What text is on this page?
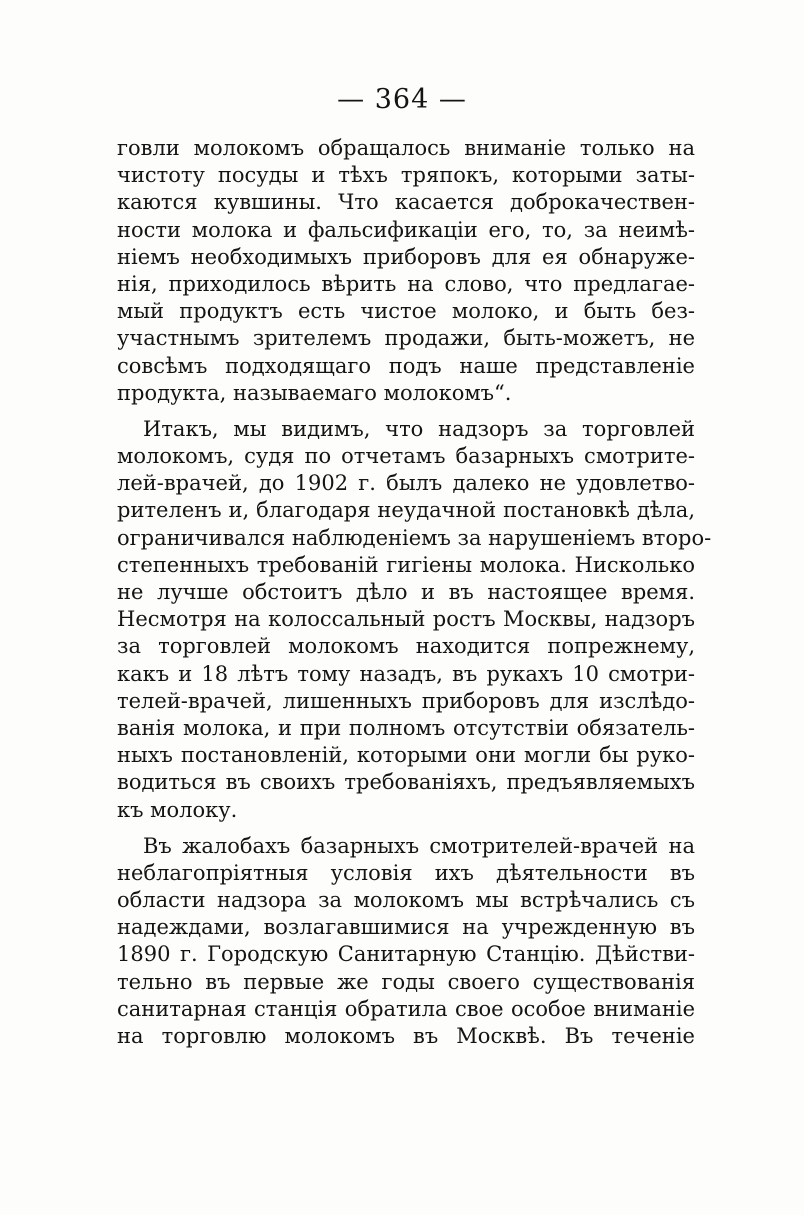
— 364 —
говли молокомъ обращалось вниманіе только на
чистоту посуды и тѣхъ тряпокъ, которыми заты-
каются кувшины. Что касается доброкачествен-
ности молока и фальсификаціи его, то, за неимѣ-
ніемъ необходимыхъ приборовъ для ея обнаруже-
нія, приходилось вѣрить на слово, что предлагае-
мый продуктъ есть чистое молоко, и быть без-
участнымъ зрителемъ продажи, быть-можетъ, не
совсѣмъ подходящаго подъ наше представленіе
продукта, называемаго молокомъ“.
Итакъ, мы видимъ, что надзоръ за торговлей
молокомъ, судя по отчетамъ базарныхъ смотрите-
лей-врачей, до 1902 г. былъ далеко не удовлетво-
рителенъ и, благодаря неудачной постановкѣ дѣла,
ограничивался наблюденіемъ за нарушеніемъ второ-
степенныхъ требованій гигіены молока. Нисколько
не лучше обстоитъ дѣло и въ настоящее время.
Несмотря на колоссальный ростъ Москвы, надзоръ
за торговлей молокомъ находится попрежнему,
какъ и 18 лѣтъ тому назадъ, въ рукахъ 10 смотри-
телей-врачей, лишенныхъ приборовъ для изслѣдо-
ванія молока, и при полномъ отсутствіи обязатель-
ныхъ постановленій, которыми они могли бы руко-
водиться въ своихъ требованіяхъ, предъявляемыхъ
къ молоку.
Въ жалобахъ базарныхъ смотрителей-врачей на
неблагопріятныя условія ихъ дѣятельности въ
области надзора за молокомъ мы встрѣчались съ
надеждами, возлагавшимися на учрежденную въ
1890 г. Городскую Санитарную Станцію. Дѣйстви-
тельно въ первые же годы своего существованія
санитарная станція обратила свое особое вниманіе
на торговлю молокомъ въ Москвѣ. Въ теченіе
